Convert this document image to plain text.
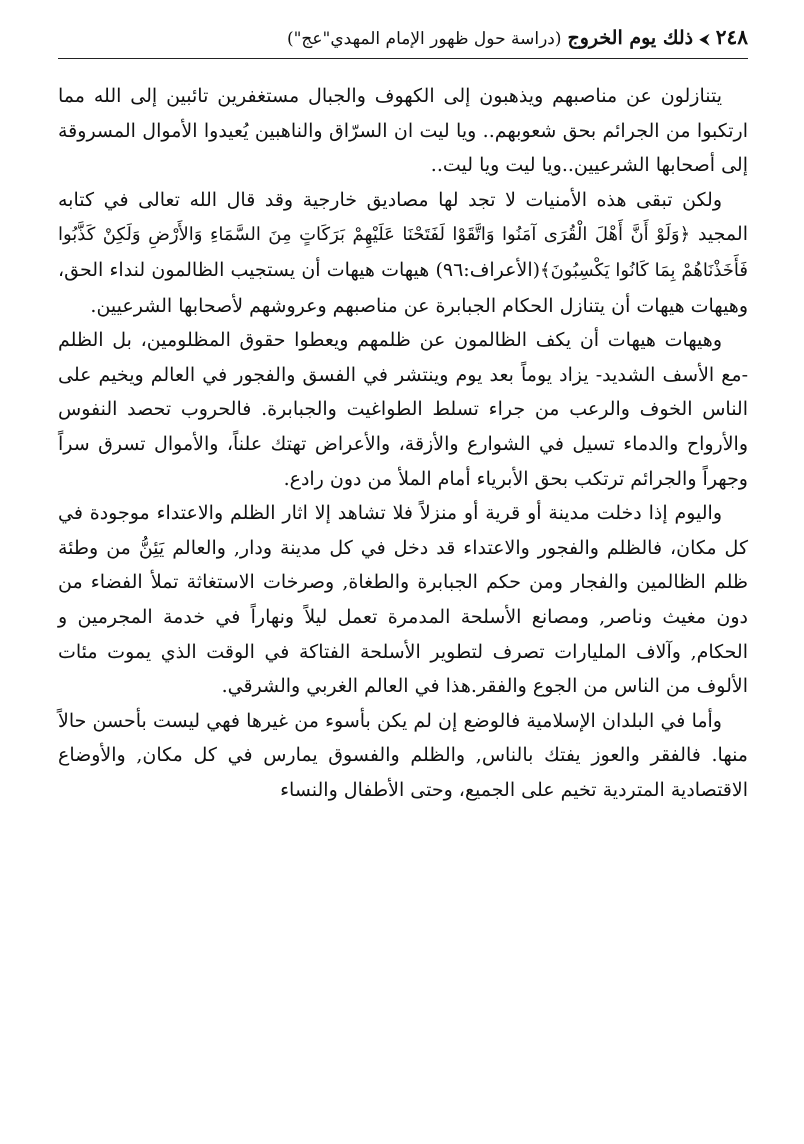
٢٤٨
⮜
ذلك يوم الخروج
(دراسة حول ظهور الإمام المهدي"عج")

يتنازلون عن مناصبهم ويذهبون إلى الكهوف والجبال مستغفرين تائبين إلى الله مما ارتكبوا من الجرائم بحق شعوبهم.. ويا ليت ان السرّاق والناهبين يُعيدوا الأموال المسروقة إلى أصحابها الشرعيين..ويا ليت ويا ليت..

ولكن تبقى هذه الأمنيات لا تجد لها مصاديق خارجية وقد قال الله تعالى في كتابه المجيد ﴿وَلَوْ أَنَّ أَهْلَ الْقُرَى آمَنُوا وَاتَّقَوْا لَفَتَحْنَا عَلَيْهِمْ بَرَكَاتٍ مِنَ السَّمَاءِ وَالأَرْضِ وَلَكِنْ كَذَّبُوا فَأَخَذْنَاهُمْ بِمَا كَانُوا يَكْسِبُونَ﴾(الأعراف:٩٦) هيهات هيهات أن يستجيب الظالمون لنداء الحق، وهيهات هيهات أن يتنازل الحكام الجبابرة عن مناصبهم وعروشهم لأصحابها الشرعيين.

وهيهات هيهات أن يكف الظالمون عن ظلمهم ويعطوا حقوق المظلومين، بل الظلم -مع الأسف الشديد- يزاد يوماً بعد يوم وينتشر في الفسق والفجور في العالم ويخيم على الناس الخوف والرعب من جراء تسلط الطواغيت والجبابرة. فالحروب تحصد النفوس والأرواح والدماء تسيل في الشوارع والأزقة، والأعراض تهتك علناً، والأموال تسرق سراً وجهراً والجرائم ترتكب بحق الأبرياء أمام الملأ من دون رادع.

واليوم إذا دخلت مدينة أو قرية أو منزلاً فلا تشاهد إلا اثار الظلم والاعتداء موجودة في كل مكان، فالظلم والفجور والاعتداء قد دخل في كل مدينة ودار, والعالم يَئِنُّ من وطئة ظلم الظالمين والفجار ومن حكم الجبابرة والطغاة, وصرخات الاستغاثة تملأ الفضاء من دون مغيث وناصر, ومصانع الأسلحة المدمرة تعمل ليلاً ونهاراً في خدمة المجرمين و الحكام, وآلاف المليارات تصرف لتطوير الأسلحة الفتاكة في الوقت الذي يموت مئات الألوف من الناس من الجوع والفقر.هذا في العالم الغربي والشرقي.

وأما في البلدان الإسلامية فالوضع إن لم يكن بأسوء من غيرها فهي ليست بأحسن حالاً منها. فالفقر والعوز يفتك بالناس, والظلم والفسوق يمارس في كل مكان, والأوضاع الاقتصادية المتردية تخيم على الجميع، وحتى الأطفال والنساء
